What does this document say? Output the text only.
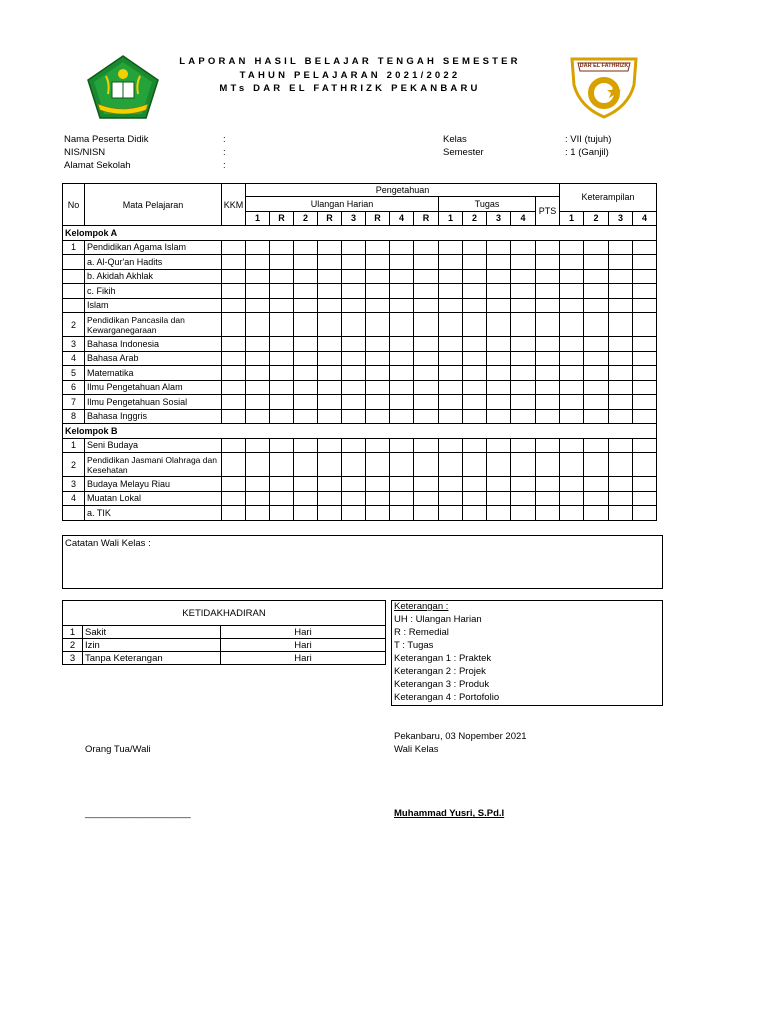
LAPORAN HASIL BELAJAR TENGAH SEMESTER
TAHUN PELAJARAN 2021/2022
MTs DAR EL FATHRIZK PEKANBARU
DAR EL FATHRIZK
Nama Peserta Didik	:
NIS/NISN	:
Alamat Sekolah	:
Kelas	: VII (tujuh)
Semester	: 1 (Ganjil)
No	Mata Pelajaran	KKM	Pengetahuan													Keterampilan			
			Ulangan Harian								Tugas				PTS				
			1	R	2	R	3	R	4	R	1	2	3	4		1	2	3	4
Kelompok A																			
1	Pendidikan Agama Islam																		
	a. Al-Qur'an Hadits																		
	b. Akidah Akhlak																		
	c. Fikih																		
	Islam																		
2	Pendidikan Pancasila dan Kewarganegaraan																		
3	Bahasa Indonesia																		
4	Bahasa Arab																		
5	Matematika																		
6	Ilmu Pengetahuan Alam																		
7	Ilmu Pengetahuan Sosial																		
8	Bahasa Inggris																		
Kelompok B																			
1	Seni Budaya																		
2	Pendidikan Jasmani Olahraga dan Kesehatan																		
3	Budaya Melayu Riau																		
4	Muatan Lokal																		
	a. TIK																		
Catatan Wali Kelas :
KETIDAKHADIRAN		
1	Sakit	Hari
2	Izin	Hari
3	Tanpa Keterangan	Hari
Keterangan :
UH : Ulangan Harian
R : Remedial
T : Tugas
Keterangan 1 : Praktek
Keterangan 2 : Projek
Keterangan 3 : Produk
Keterangan 4 : Portofolio
Pekanbaru, 03 Nopember 2021
Orang Tua/Wali	Wali Kelas
____________________	Muhammad Yusri, S.Pd.I
